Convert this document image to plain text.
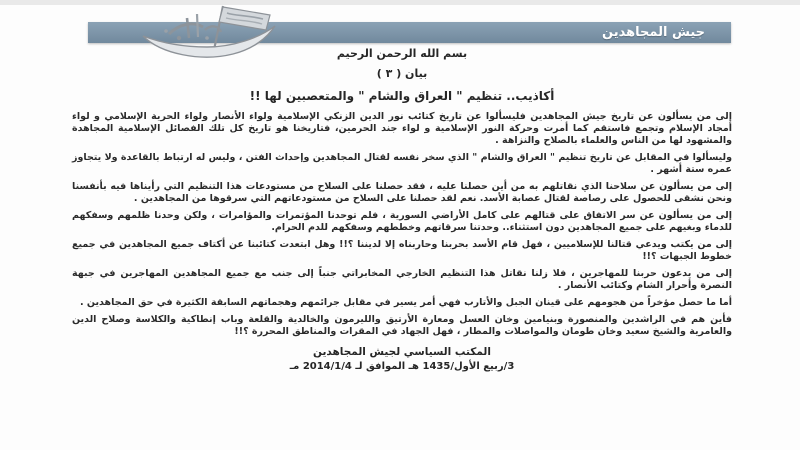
جيش المجاهدين

بسم الله الرحمن الرحيم

بيان ( ٣ )

أكاذيب.. تنظيم " العراق والشام " والمتعصبين لها !!

إلى من يسألون عن تاريخ جيش المجاهدين فليسألوا عن تاريخ كتائب نور الدين الزنكي الإسلامية ولواء الأنصار ولواء الحرية الإسلامي و لواء أمجاد الإسلام وتجمع فاستقم كما أمرت وحركة النور الإسلامية و لواء جند الحرمين، فتاريخنا هو تاريخ كل تلك الفصائل الإسلامية المجاهدة والمشهود لها من الناس والعلماء بالصلاح والنزاهة .

وليسألوا في المقابل عن تاريخ تنظيم " العراق والشام " الذي سخر نفسه لقتال المجاهدين وإحداث الفتن ، وليس له ارتباط بالقاعدة ولا يتجاوز عمره ستة أشهر .

إلى من يسألون عن سلاحنا الذي نقاتلهم به من أين حصلنا عليه ، فقد حصلنا على السلاح من مستودعات هذا التنظيم التي رأيناها فيه بأنفسنا ونحن نشقى للحصول على رصاصة لقتال عصابة الأسد. نعم لقد حصلنا على السلاح من مستودعاتهم التي سرقوها من المجاهدين .

إلى من يسألون عن سر الاتفاق على قتالهم على كامل الأراضي السورية ، فلم توحدنا المؤتمرات والمؤامرات ، ولكن وحدنا ظلمهم وسفكهم للدماء وبغيهم على جميع المجاهدين دون استثناء.. وحدتنا سرقاتهم وخططهم وسفكهم للدم الحرام.

إلى من يكتب ويدعي قتالنا للإسلاميين ، فهل قام الأسد بحربنا وحاربناه إلا لديننا ؟!! وهل ابتعدت كتائبنا عن أكتاف جميع المجاهدين في جميع خطوط الجبهات ؟!!

إلى من يدعون حربنا للمهاجرين ، فلا زلنا نقاتل هذا التنظيم الخارجي المخابراتي جنباً إلى جنب مع جميع المجاهدين المهاجرين في جبهة النصرة وأحرار الشام وكتائب الأنصار .

أما ما حصل مؤخراً من هجومهم على قينان الجبل والأتارب فهي أمر يسير في مقابل جرائمهم وهجماتهم السابقة الكثيرة في حق المجاهدين .

فأين هم في الراشدين والمنصورة وبنيامين وخان العسل ومعارة الأرتيق والليرمون والخالدية والقلعة وباب إنطاكية والكلاسة وصلاح الدين والعامرية والشيخ سعيد وخان طومان والمواصلات والمطار ، فهل الجهاد في المقرات والمناطق المحررة ؟!!

المكتب السياسي لجيش المجاهدين

3/ربيع الأول/1435 هـ الموافق لـ 2014/1/4 مـ
